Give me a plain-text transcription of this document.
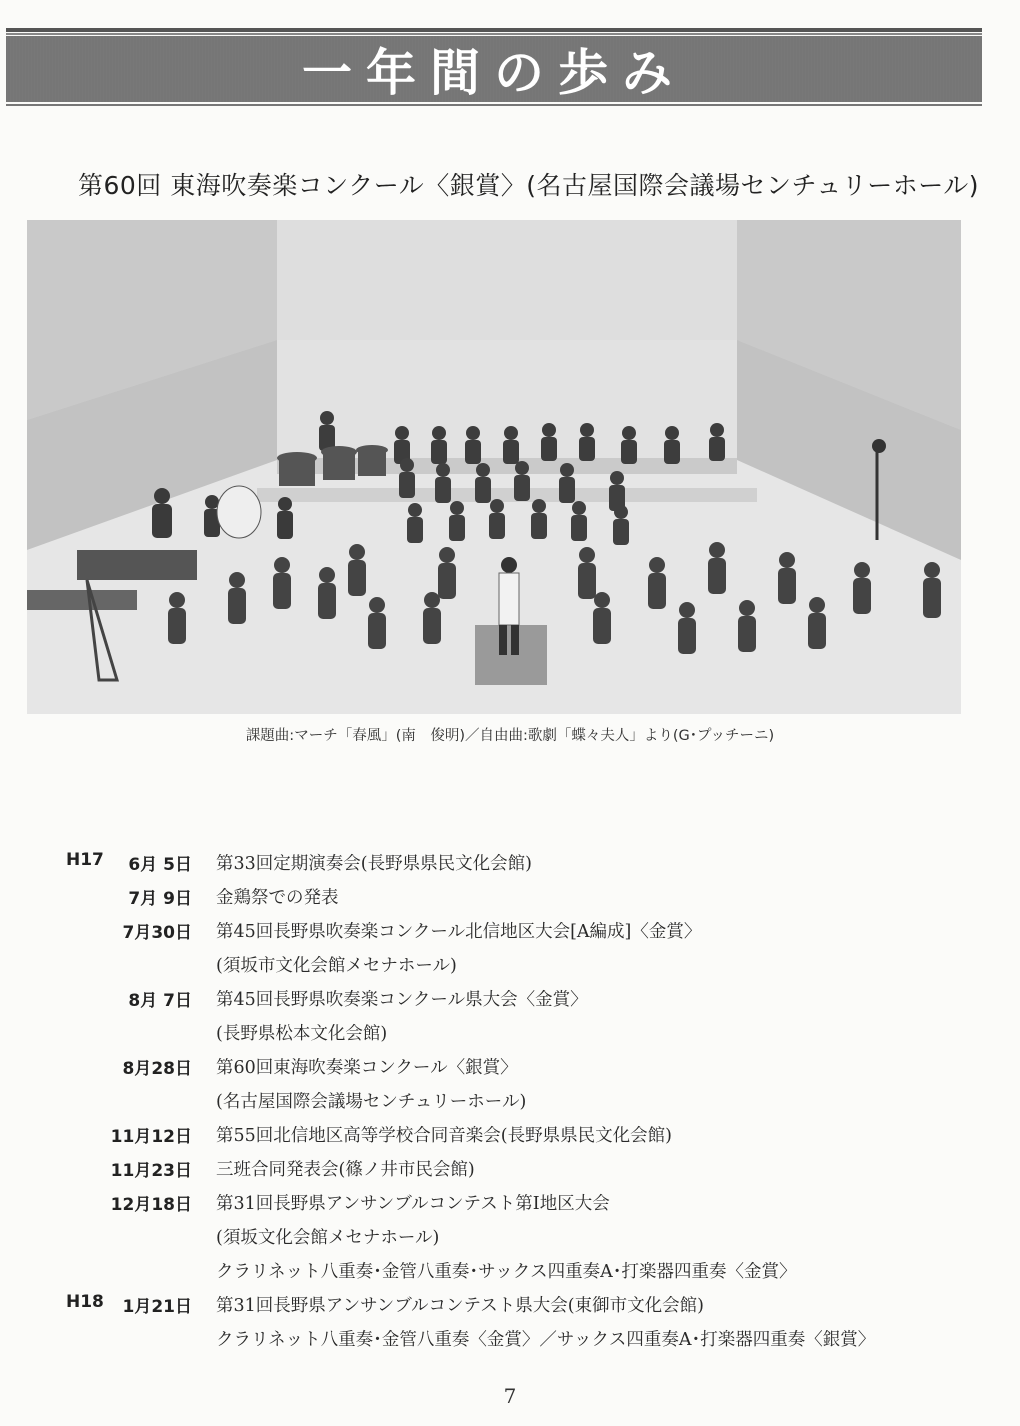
一年間の歩み
第60回 東海吹奏楽コンクール〈銀賞〉(名古屋国際会議場センチュリーホール)
課題曲:マーチ「春風」(南　俊明)／自由曲:歌劇「蝶々夫人」より(G･プッチーニ)
H17 6月 5日 第33回定期演奏会(長野県県民文化会館)
7月 9日 金鶏祭での発表
7月30日 第45回長野県吹奏楽コンクール北信地区大会[A編成]〈金賞〉
(須坂市文化会館メセナホール)
8月 7日 第45回長野県吹奏楽コンクール県大会〈金賞〉
(長野県松本文化会館)
8月28日 第60回東海吹奏楽コンクール〈銀賞〉
(名古屋国際会議場センチュリーホール)
11月12日 第55回北信地区高等学校合同音楽会(長野県県民文化会館)
11月23日 三班合同発表会(篠ノ井市民会館)
12月18日 第31回長野県アンサンブルコンテスト第Ⅰ地区大会
(須坂文化会館メセナホール)
クラリネット八重奏･金管八重奏･サックス四重奏A･打楽器四重奏〈金賞〉
H18 1月21日 第31回長野県アンサンブルコンテスト県大会(東御市文化会館)
クラリネット八重奏･金管八重奏〈金賞〉／サックス四重奏A･打楽器四重奏〈銀賞〉
7
